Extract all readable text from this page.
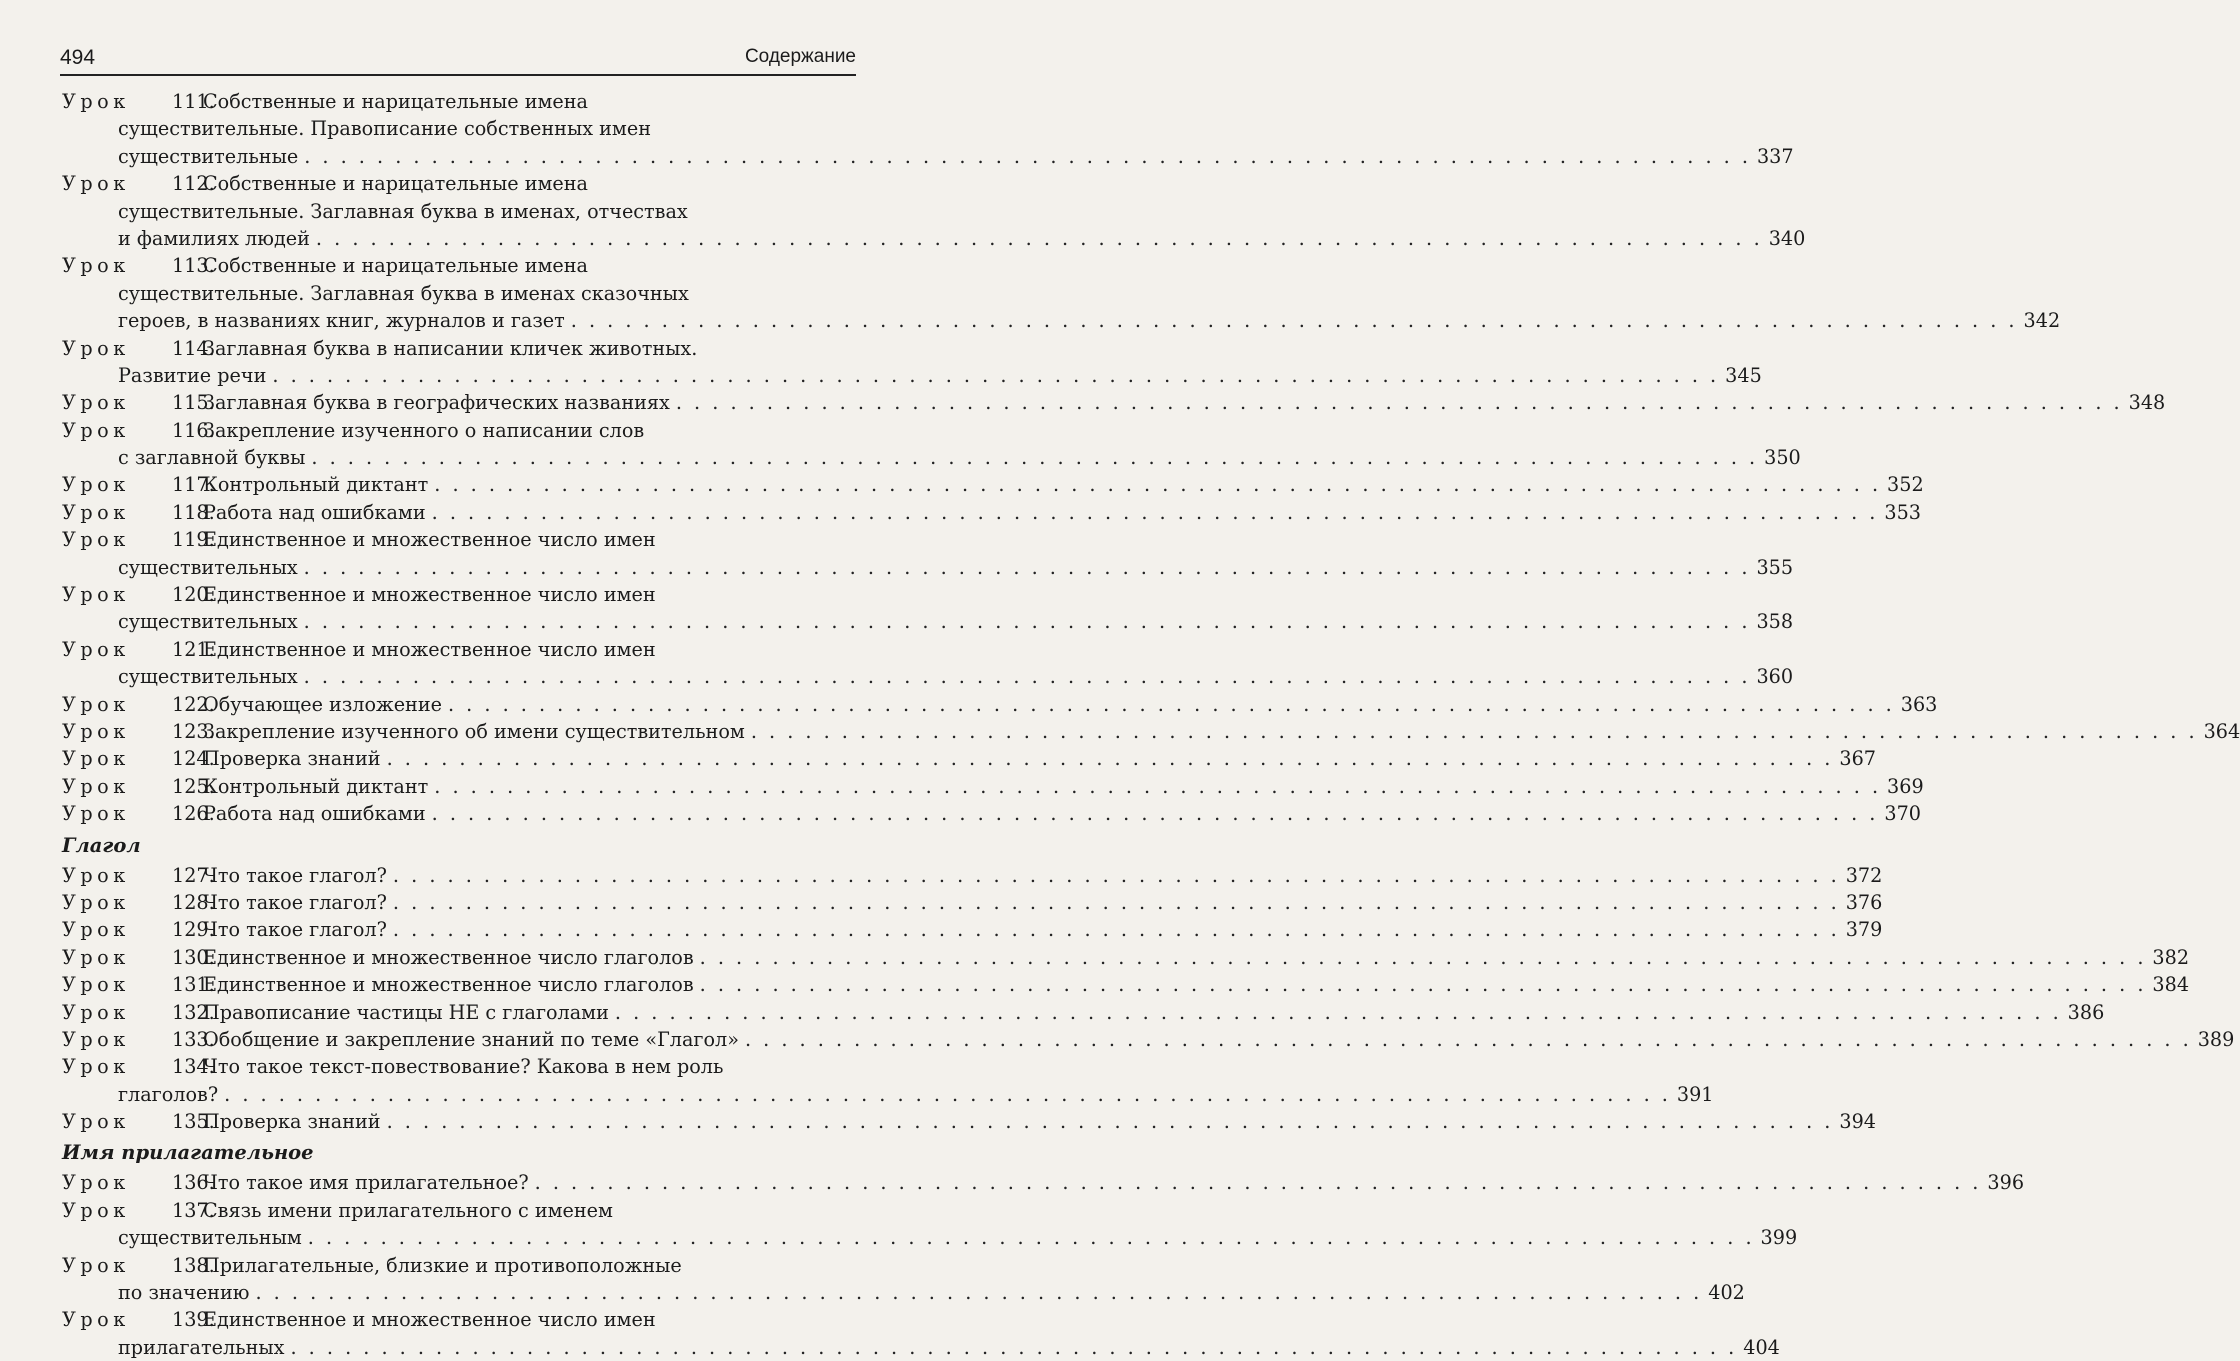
494	Содержание
Урок 111.
Собственные и нарицательные имена
существительные. Правописание собственных имен
существительные . . . . . . . . . . . . . . . . . . . . . . . . . . . . . . . . . . . . . . . . . . . . . . . . . . . . . . . . . . . . . . . . . . . . . . . . . . . . . . . . 337
Урок 112.
Собственные и нарицательные имена
существительные. Заглавная буква в именах, отчествах
и фамилиях людей . . . . . . . . . . . . . . . . . . . . . . . . . . . . . . . . . . . . . . . . . . . . . . . . . . . . . . . . . . . . . . . . . . . . . . . . . . . . . . . . 340
Урок 113.
Собственные и нарицательные имена
существительные. Заглавная буква в именах сказочных
героев, в названиях книг, журналов и газет . . . . . . . . . . . . . . . . . . . . . . . . . . . . . . . . . . . . . . . . . . . . . . . . . . . . . . . . . . . . . . . . . . . . . . . . . . . . . . . . 342
Урок 114.
Заглавная буква в написании кличек животных.
Развитие речи . . . . . . . . . . . . . . . . . . . . . . . . . . . . . . . . . . . . . . . . . . . . . . . . . . . . . . . . . . . . . . . . . . . . . . . . . . . . . . . . 345
Урок 115.
Заглавная буква в географических названиях . . . . . . . . . . . . . . . . . . . . . . . . . . . . . . . . . . . . . . . . . . . . . . . . . . . . . . . . . . . . . . . . . . . . . . . . . . . . . . . . 348
Урок 116.
Закрепление изученного о написании слов
с заглавной буквы . . . . . . . . . . . . . . . . . . . . . . . . . . . . . . . . . . . . . . . . . . . . . . . . . . . . . . . . . . . . . . . . . . . . . . . . . . . . . . . . 350
Урок 117.
Контрольный диктант . . . . . . . . . . . . . . . . . . . . . . . . . . . . . . . . . . . . . . . . . . . . . . . . . . . . . . . . . . . . . . . . . . . . . . . . . . . . . . . . 352
Урок 118.
Работа над ошибками . . . . . . . . . . . . . . . . . . . . . . . . . . . . . . . . . . . . . . . . . . . . . . . . . . . . . . . . . . . . . . . . . . . . . . . . . . . . . . . . 353
Урок 119.
Единственное и множественное число имен
существительных . . . . . . . . . . . . . . . . . . . . . . . . . . . . . . . . . . . . . . . . . . . . . . . . . . . . . . . . . . . . . . . . . . . . . . . . . . . . . . . . 355
Урок 120.
Единственное и множественное число имен
существительных . . . . . . . . . . . . . . . . . . . . . . . . . . . . . . . . . . . . . . . . . . . . . . . . . . . . . . . . . . . . . . . . . . . . . . . . . . . . . . . . 358
Урок 121.
Единственное и множественное число имен
существительных . . . . . . . . . . . . . . . . . . . . . . . . . . . . . . . . . . . . . . . . . . . . . . . . . . . . . . . . . . . . . . . . . . . . . . . . . . . . . . . . 360
Урок 122.
Обучающее изложение . . . . . . . . . . . . . . . . . . . . . . . . . . . . . . . . . . . . . . . . . . . . . . . . . . . . . . . . . . . . . . . . . . . . . . . . . . . . . . . . 363
Урок 123.
Закрепление изученного об имени существительном . . . . . . . . . . . . . . . . . . . . . . . . . . . . . . . . . . . . . . . . . . . . . . . . . . . . . . . . . . . . . . . . . . . . . . . . . . . . . . . . 364
Урок 124.
Проверка знаний . . . . . . . . . . . . . . . . . . . . . . . . . . . . . . . . . . . . . . . . . . . . . . . . . . . . . . . . . . . . . . . . . . . . . . . . . . . . . . . . 367
Урок 125.
Контрольный диктант . . . . . . . . . . . . . . . . . . . . . . . . . . . . . . . . . . . . . . . . . . . . . . . . . . . . . . . . . . . . . . . . . . . . . . . . . . . . . . . . 369
Урок 126.
Работа над ошибками . . . . . . . . . . . . . . . . . . . . . . . . . . . . . . . . . . . . . . . . . . . . . . . . . . . . . . . . . . . . . . . . . . . . . . . . . . . . . . . . 370
Глагол
Урок 127.
Что такое глагол? . . . . . . . . . . . . . . . . . . . . . . . . . . . . . . . . . . . . . . . . . . . . . . . . . . . . . . . . . . . . . . . . . . . . . . . . . . . . . . . . 372
Урок 128.
Что такое глагол? . . . . . . . . . . . . . . . . . . . . . . . . . . . . . . . . . . . . . . . . . . . . . . . . . . . . . . . . . . . . . . . . . . . . . . . . . . . . . . . . 376
Урок 129.
Что такое глагол? . . . . . . . . . . . . . . . . . . . . . . . . . . . . . . . . . . . . . . . . . . . . . . . . . . . . . . . . . . . . . . . . . . . . . . . . . . . . . . . . 379
Урок 130.
Единственное и множественное число глаголов . . . . . . . . . . . . . . . . . . . . . . . . . . . . . . . . . . . . . . . . . . . . . . . . . . . . . . . . . . . . . . . . . . . . . . . . . . . . . . . . 382
Урок 131.
Единственное и множественное число глаголов . . . . . . . . . . . . . . . . . . . . . . . . . . . . . . . . . . . . . . . . . . . . . . . . . . . . . . . . . . . . . . . . . . . . . . . . . . . . . . . . 384
Урок 132.
Правописание частицы НЕ с глаголами . . . . . . . . . . . . . . . . . . . . . . . . . . . . . . . . . . . . . . . . . . . . . . . . . . . . . . . . . . . . . . . . . . . . . . . . . . . . . . . . 386
Урок 133.
Обобщение и закрепление знаний по теме «Глагол» . . . . . . . . . . . . . . . . . . . . . . . . . . . . . . . . . . . . . . . . . . . . . . . . . . . . . . . . . . . . . . . . . . . . . . . . . . . . . . . . 389
Урок 134.
Что такое текст-повествование? Какова в нем роль
глаголов? . . . . . . . . . . . . . . . . . . . . . . . . . . . . . . . . . . . . . . . . . . . . . . . . . . . . . . . . . . . . . . . . . . . . . . . . . . . . . . . . 391
Урок 135.
Проверка знаний . . . . . . . . . . . . . . . . . . . . . . . . . . . . . . . . . . . . . . . . . . . . . . . . . . . . . . . . . . . . . . . . . . . . . . . . . . . . . . . . 394
Имя прилагательное
Урок 136.
Что такое имя прилагательное? . . . . . . . . . . . . . . . . . . . . . . . . . . . . . . . . . . . . . . . . . . . . . . . . . . . . . . . . . . . . . . . . . . . . . . . . . . . . . . . . 396
Урок 137.
Связь имени прилагательного с именем
существительным . . . . . . . . . . . . . . . . . . . . . . . . . . . . . . . . . . . . . . . . . . . . . . . . . . . . . . . . . . . . . . . . . . . . . . . . . . . . . . . . 399
Урок 138.
Прилагательные, близкие и противоположные
по значению . . . . . . . . . . . . . . . . . . . . . . . . . . . . . . . . . . . . . . . . . . . . . . . . . . . . . . . . . . . . . . . . . . . . . . . . . . . . . . . . 402
Урок 139.
Единственное и множественное число имен
прилагательных . . . . . . . . . . . . . . . . . . . . . . . . . . . . . . . . . . . . . . . . . . . . . . . . . . . . . . . . . . . . . . . . . . . . . . . . . . . . . . . . 404
